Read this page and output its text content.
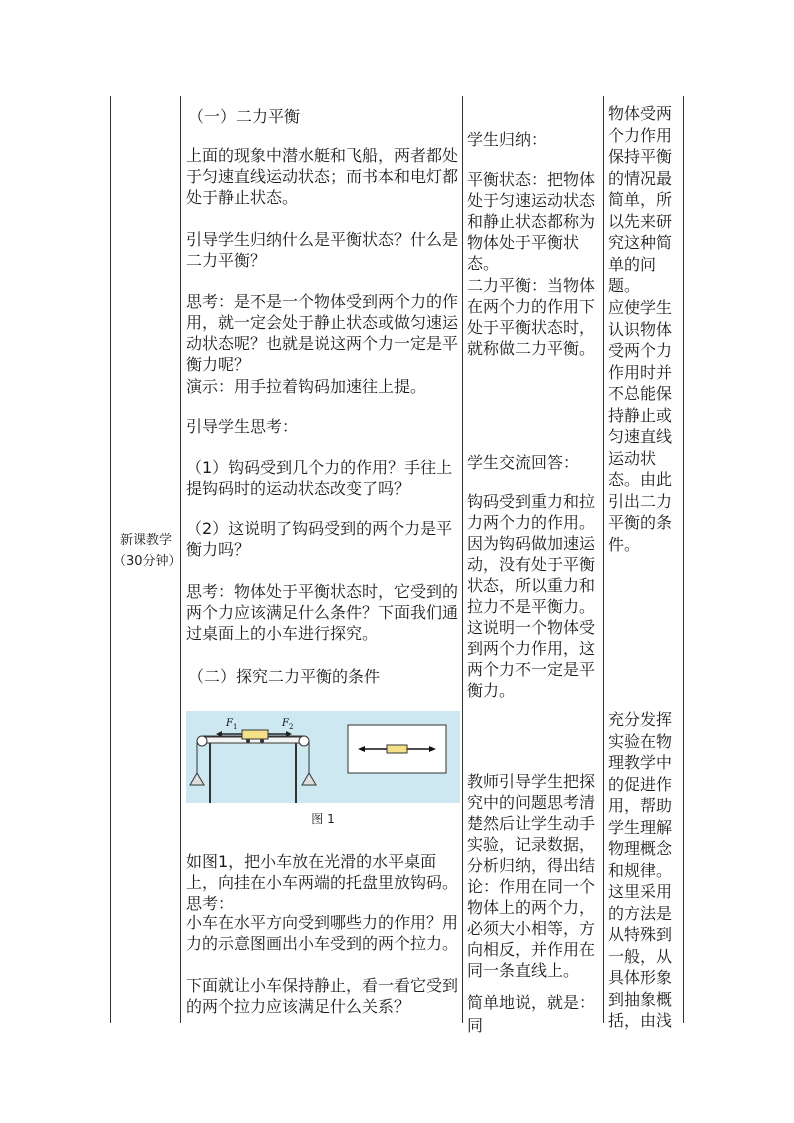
新课教学
（30分钟）

（一）二力平衡

上面的现象中潜水艇和飞船，两者都处于匀速直线运动状态；而书本和电灯都处于静止状态。

引导学生归纳什么是平衡状态？什么是二力平衡？

思考：是不是一个物体受到两个力的作用，就一定会处于静止状态或做匀速运动状态呢？也就是说这两个力一定是平衡力呢？

演示：用手拉着钩码加速往上提。

引导学生思考：

（1）钩码受到几个力的作用？手往上提钩码时的运动状态改变了吗？

（2）这说明了钩码受到的两个力是平衡力吗？

思考：物体处于平衡状态时，它受到的两个力应该满足什么条件？下面我们通过桌面上的小车进行探究。

（二）探究二力平衡的条件

F 1	F 2
图 1

如图1，把小车放在光滑的水平桌面上，向挂在小车两端的托盘里放钩码。思考：

小车在水平方向受到哪些力的作用？用力的示意图画出小车受到的两个拉力。

下面就让小车保持静止，看一看它受到的两个拉力应该满足什么关系？

学生归纳：

平衡状态：把物体处于匀速运动状态和静止状态都称为物体处于平衡状态。

二力平衡：当物体在两个力的作用下处于平衡状态时，就称做二力平衡。

学生交流回答：

钩码受到重力和拉力两个力的作用。因为钩码做加速运动，没有处于平衡状态，所以重力和拉力不是平衡力。这说明一个物体受到两个力作用，这两个力不一定是平衡力。

教师引导学生把探究中的问题思考清楚然后让学生动手实验，记录数据，分析归纳，得出结论：作用在同一个物体上的两个力，必须大小相等，方向相反，并作用在同一条直线上。

简单地说，就是：同

物体受两个力作用保持平衡的情况最简单，所以先来研究这种简单的问题。

应使学生认识物体受两个力作用时并不总能保持静止或匀速直线运动状态。由此引出二力平衡的条件。

充分发挥实验在物理教学中的促进作用，帮助学生理解物理概念和规律。这里采用的方法是从特殊到一般，从具体形象到抽象概括，由浅
